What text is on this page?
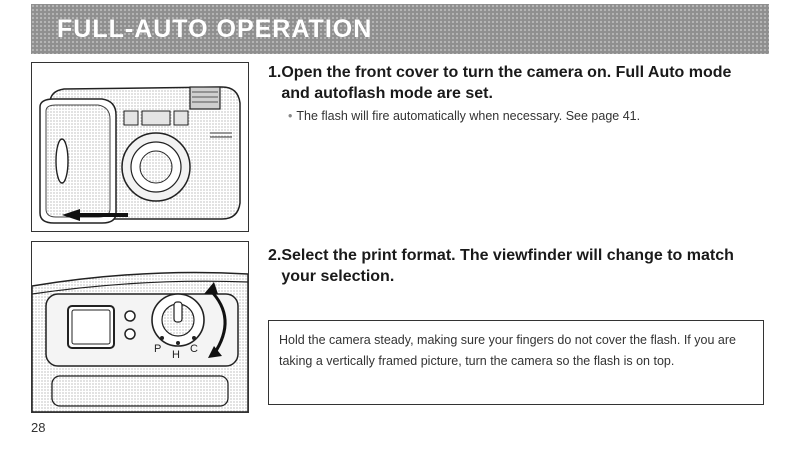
FULL-AUTO OPERATION
P H C

1. Open the front cover to turn the camera on. Full Auto mode and autoflash mode are set.

• The flash will fire automatically when necessary. See page 41.

2. Select the print format. The viewfinder will change to match your selection.

Hold the camera steady, making sure your fingers do not cover the flash. If you are taking a vertically framed picture, turn the camera so the flash is on top.
28
